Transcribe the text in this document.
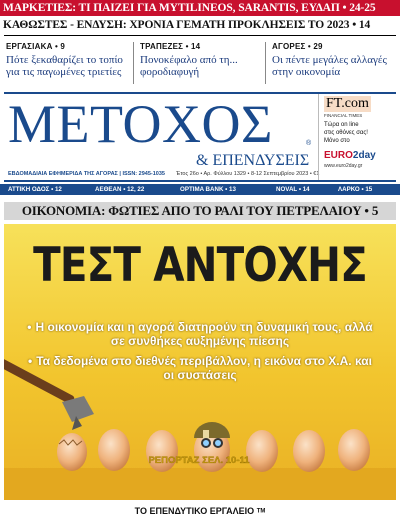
ΜΑΡΚΕΤΙΕΣ: ΤΙ ΠΑΙΖΕΙ ΓΙΑ MYTILINEOS, SARANTIS, ΕΥΔΑΠ • 24-25
ΚΑΘΩΣΤΕΣ - ΕΝΔΥΣΗ: ΧΡΟΝΙΑ ΓΕΜΑΤΗ ΠΡΟΚΛΗΣΕΙΣ ΤΟ 2023 • 14
ΕΡΓΑΣΙΑΚΑ • 9
Πότε ξεκαθαρίζει το τοπίο για τις παγωμένες τριετίες
ΤΡΑΠΕΖΕΣ • 14
Πονοκέφαλο από τη... φοροδιαφυγή
ΑΓΟΡΕΣ • 29
Οι πέντε μεγάλες αλλαγές στην οικονομία
ΜΕΤΟΧΟΣ	®
& ΕΠΕΝΔΥΣΕΙΣ
ΕΒΔΟΜΑΔΙΑΙΑ ΕΦΗΜΕΡΙΔΑ ΤΗΣ ΑΓΟΡΑΣ | ISSN: 2945-1035 Έτος 26ο • Αρ. Φύλλου 1329 • 8-12 Σεπτεμβρίου 2023 • €1
FT.com
FINANCIAL TIMES
Τώρα on line
στις οθόνες σας!
Μόνο στο
EURO2day
www.euro2day.gr
ΑΤΤΙΚΗ ΟΔΟΣ • 12	ΑΕΘΕΑΝ • 12, 22	OPTIMA BANK • 13	NOVAL • 14	ΛΑΡΚΟ • 15
ΟΙΚΟΝΟΜΙΑ: ΦΩΤΙΕΣ ΑΠΟ ΤΟ ΡΑΛΙ ΤΟΥ ΠΕΤΡΕΛΑΙΟΥ • 5
ΤΕΣΤ ΑΝΤΟΧΗΣ
• Η οικονομία και η αγορά διατηρούν τη δυναμική τους, αλλά σε συνθήκες αυξημένης πίεσης
• Τα δεδομένα στο διεθνές περιβάλλον, η εικόνα στο Χ.Α. και οι συστάσεις
ΡΕΠΟΡΤΑΖ ΣΕΛ. 10-11
ΤΟ ΕΠΕΝΔΥΤΙΚΟ ΕΡΓΑΛΕΙΟ TM
